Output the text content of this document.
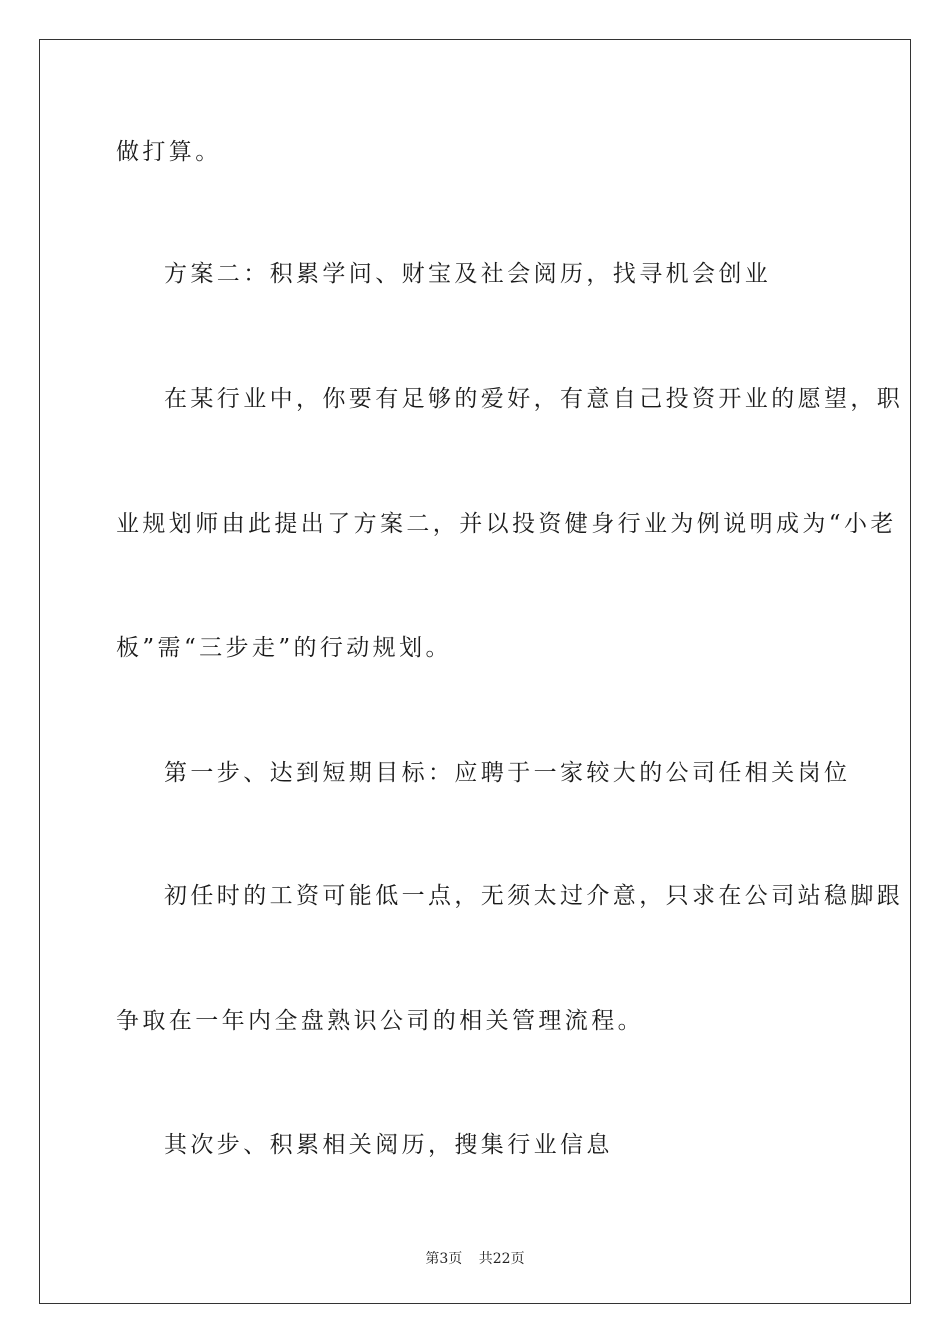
做打算。
方案二：积累学问、财宝及社会阅历，找寻机会创业
在某行业中，你要有足够的爱好，有意自己投资开业的愿望，职
业规划师由此提出了方案二，并以投资健身行业为例说明成为“小老
板”需“三步走”的行动规划。
第一步、达到短期目标：应聘于一家较大的公司任相关岗位
初任时的工资可能低一点，无须太过介意，只求在公司站稳脚跟
争取在一年内全盘熟识公司的相关管理流程。
其次步、积累相关阅历，搜集行业信息
第3页 共22页
